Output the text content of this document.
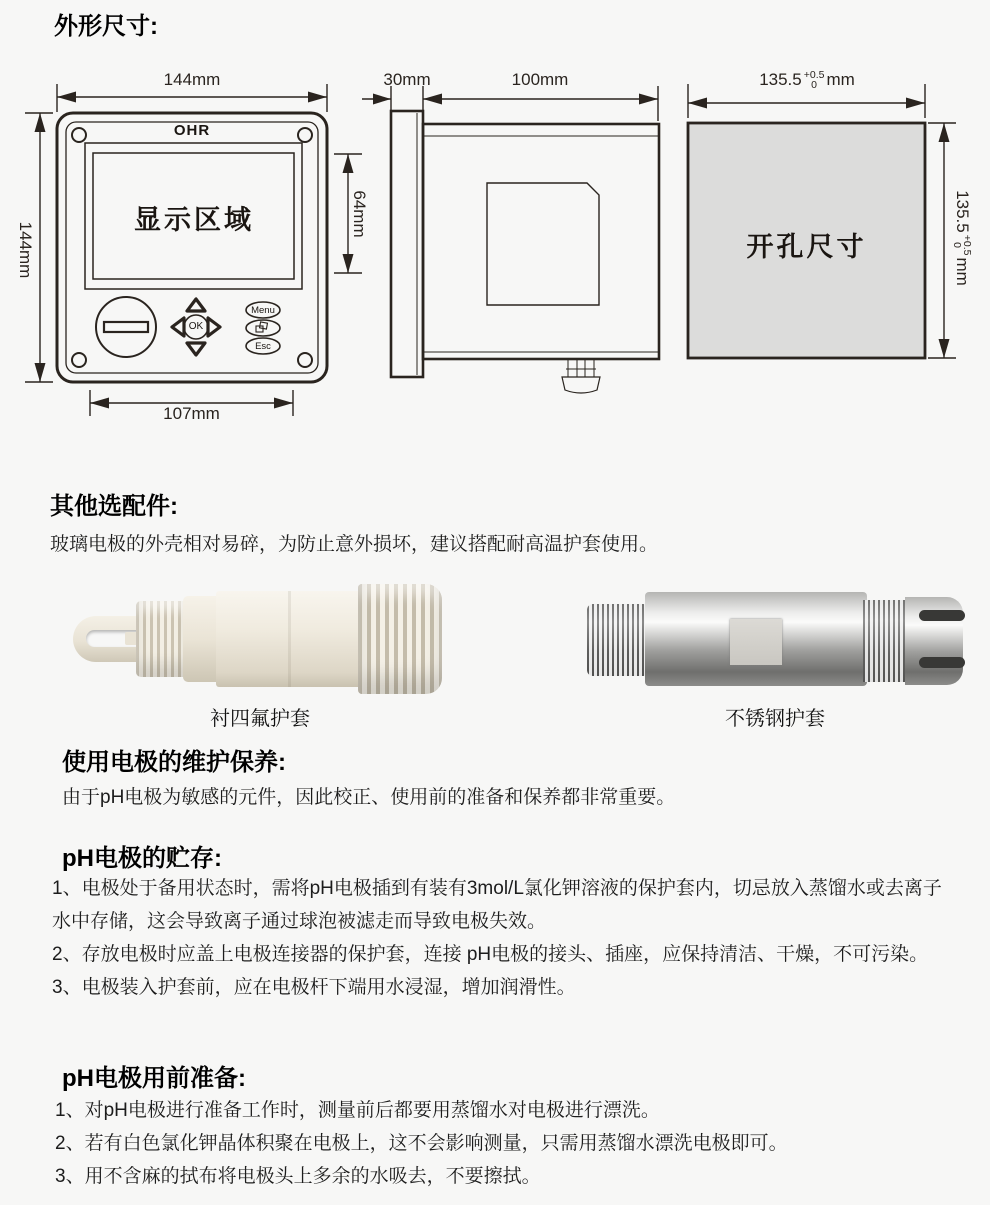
外形尺寸:
144mm
144mm
64mm
107mm
OHR
显示区域
OK
Menu
Esc
30mm	100mm	135.5 +0.5
0 mm
开孔尺寸
135.5
+0.5
0
mm
其他选配件:

玻璃电极的外壳相对易碎，为防止意外损坏，建议搭配耐高温护套使用。

衬四氟护套	不锈钢护套
使用电极的维护保养:

由于pH电极为敏感的元件，因此校正、使用前的准备和保养都非常重要。

pH电极的贮存:

1、电极处于备用状态时，需将pH电极插到有装有3mol/L氯化钾溶液的保护套内，切忌放入蒸馏水或去离子水中存储，这会导致离子通过球泡被滤走而导致电极失效。

2、存放电极时应盖上电极连接器的保护套，连接 pH电极的接头、插座，应保持清洁、干燥，不可污染。

3、电极装入护套前，应在电极杆下端用水浸湿，增加润滑性。

pH电极用前准备:

1、对pH电极进行准备工作时，测量前后都要用蒸馏水对电极进行漂洗。

2、若有白色氯化钾晶体积聚在电极上，这不会影响测量，只需用蒸馏水漂洗电极即可。

3、用不含麻的拭布将电极头上多余的水吸去，不要擦拭。
